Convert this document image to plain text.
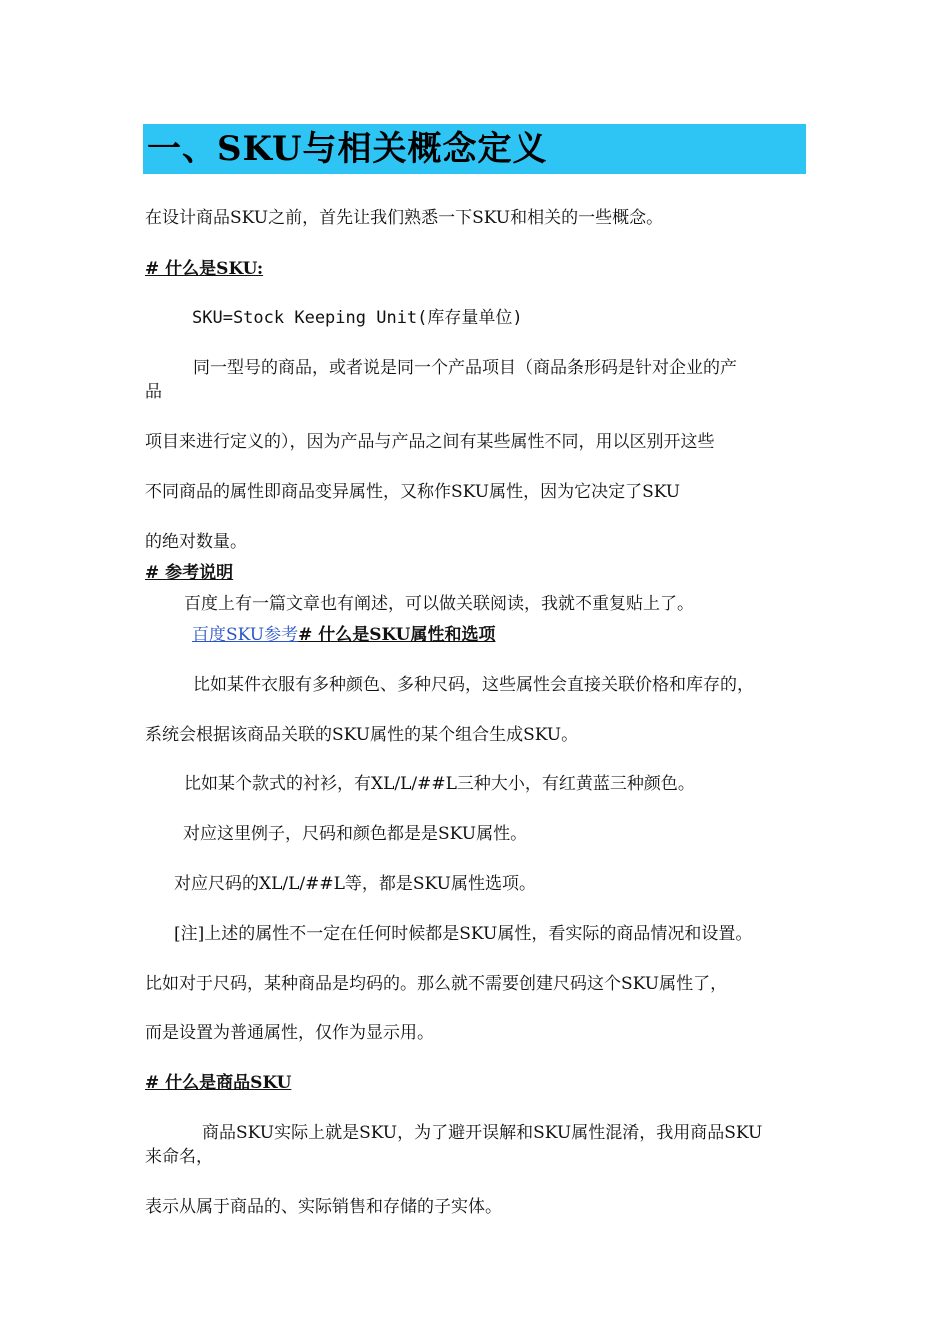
一、SKU与相关概念定义
在设计商品SKU之前，首先让我们熟悉一下SKU和相关的一些概念。
# 什么是SKU:
SKU=Stock Keeping Unit(库存量单位)
同一型号的商品，或者说是同一个产品项目（商品条形码是针对企业的产
品
项目来进行定义的），因为产品与产品之间有某些属性不同，用以区别开这些
不同商品的属性即商品变异属性，又称作SKU属性，因为它决定了SKU
的绝对数量。
# 参考说明
百度上有一篇文章也有阐述，可以做关联阅读，我就不重复贴上了。
百度SKU参考# 什么是SKU属性和选项
比如某件衣服有多种颜色、多种尺码，这些属性会直接关联价格和库存的，
系统会根据该商品关联的SKU属性的某个组合生成SKU。
比如某个款式的衬衫，有XL/L/##L三种大小，有红黄蓝三种颜色。
对应这里例子，尺码和颜色都是是SKU属性。
对应尺码的XL/L/##L等，都是SKU属性选项。
[注]上述的属性不一定在任何时候都是SKU属性，看实际的商品情况和设置。
比如对于尺码，某种商品是均码的。那么就不需要创建尺码这个SKU属性了，
而是设置为普通属性，仅作为显示用。
# 什么是商品SKU
商品SKU实际上就是SKU，为了避开误解和SKU属性混淆，我用商品SKU
来命名，
表示从属于商品的、实际销售和存储的子实体。
